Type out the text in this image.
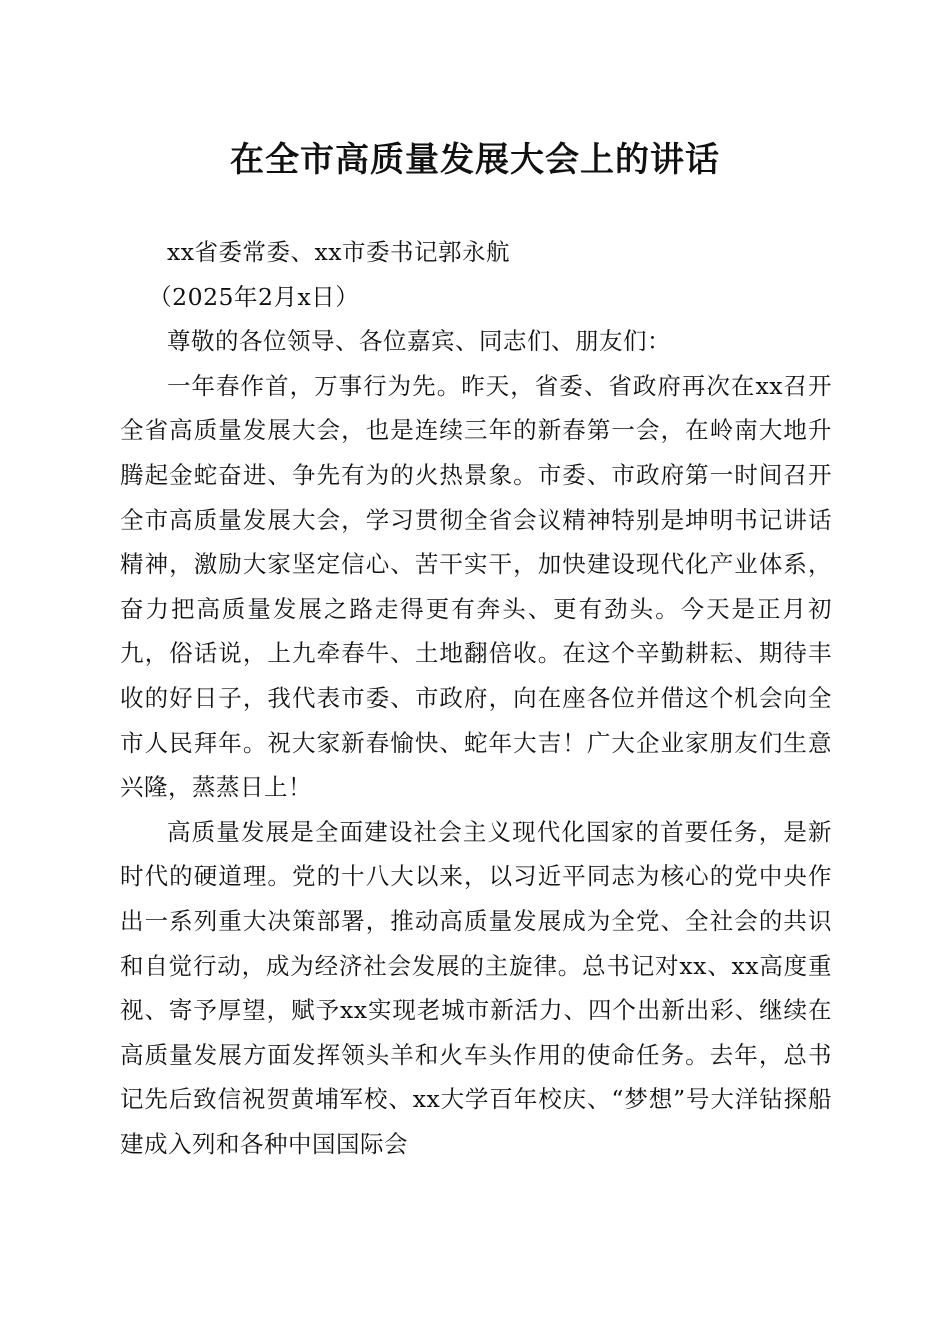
在全市高质量发展大会上的讲话

xx省委常委、xx市委书记郭永航

（2025年2月x日）

尊敬的各位领导、各位嘉宾、同志们、朋友们：

一年春作首，万事行为先。昨天，省委、省政府再次在xx召开全省高质量发展大会，也是连续三年的新春第一会，在岭南大地升腾起金蛇奋进、争先有为的火热景象。市委、市政府第一时间召开全市高质量发展大会，学习贯彻全省会议精神特别是坤明书记讲话精神，激励大家坚定信心、苦干实干，加快建设现代化产业体系，奋力把高质量发展之路走得更有奔头、更有劲头。今天是正月初九，俗话说，上九牵春牛、土地翻倍收。在这个辛勤耕耘、期待丰收的好日子，我代表市委、市政府，向在座各位并借这个机会向全市人民拜年。祝大家新春愉快、蛇年大吉！广大企业家朋友们生意兴隆，蒸蒸日上！

高质量发展是全面建设社会主义现代化国家的首要任务，是新时代的硬道理。党的十八大以来，以习近平同志为核心的党中央作出一系列重大决策部署，推动高质量发展成为全党、全社会的共识和自觉行动，成为经济社会发展的主旋律。总书记对xx、xx高度重视、寄予厚望，赋予xx实现老城市新活力、四个出新出彩、继续在高质量发展方面发挥领头羊和火车头作用的使命任务。去年，总书记先后致信祝贺黄埔军校、xx大学百年校庆、“梦想”号大洋钻探船建成入列和各种中国国际会
